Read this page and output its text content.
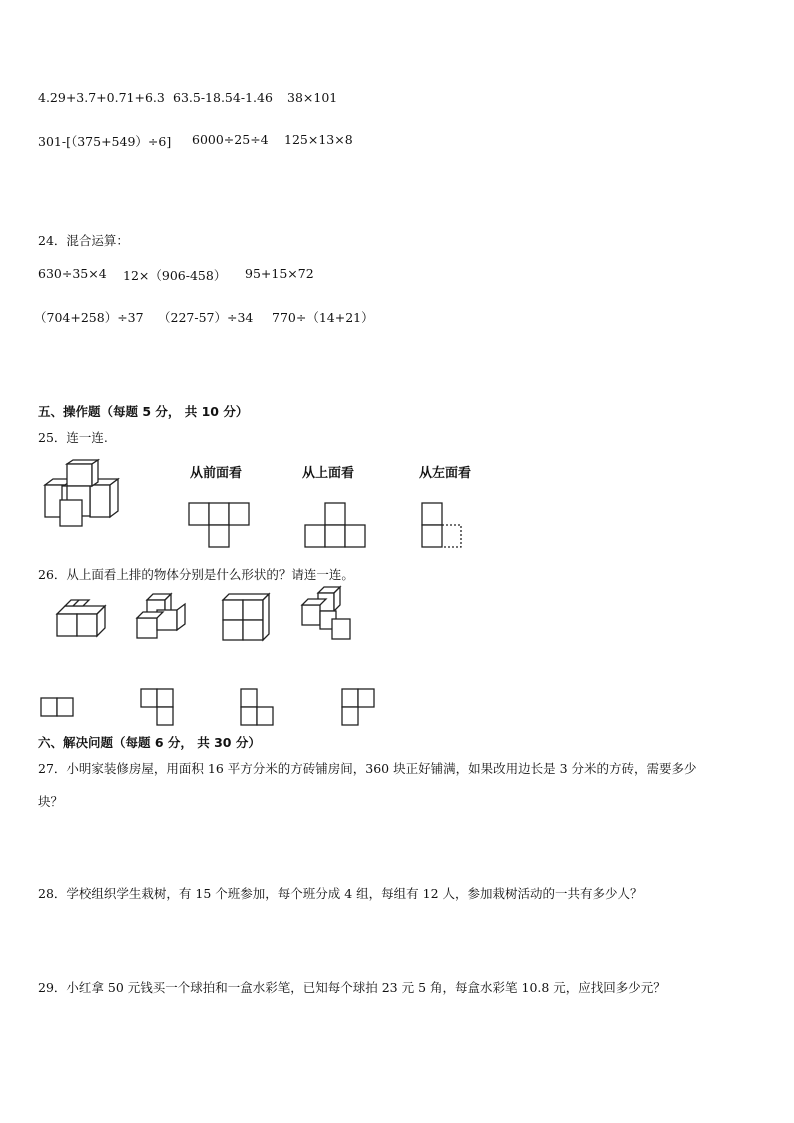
4.29+3.7+0.71+6.3 63.5-18.54-1.46 38×101
301-[（375+549）÷6] 6000÷25÷4 125×13×8
24．混合运算：
630÷35×4 12×（906-458） 95+15×72
（704+258）÷37 （227-57）÷34 770÷（14+21）
五、操作题（每题 5 分， 共 10 分）
25．连一连.
从前面看	从上面看	从左面看
26．从上面看上排的物体分别是什么形状的？请连一连。
六、解决问题（每题 6 分， 共 30 分）
27．小明家装修房屋，用面积 16 平方分米的方砖铺房间，360 块正好铺满，如果改用边长是 3 分米的方砖，需要多少
块？
28．学校组织学生栽树，有 15 个班参加，每个班分成 4 组，每组有 12 人，参加栽树活动的一共有多少人？
29．小红拿 50 元钱买一个球拍和一盒水彩笔，已知每个球拍 23 元 5 角，每盒水彩笔 10.8 元，应找回多少元？
